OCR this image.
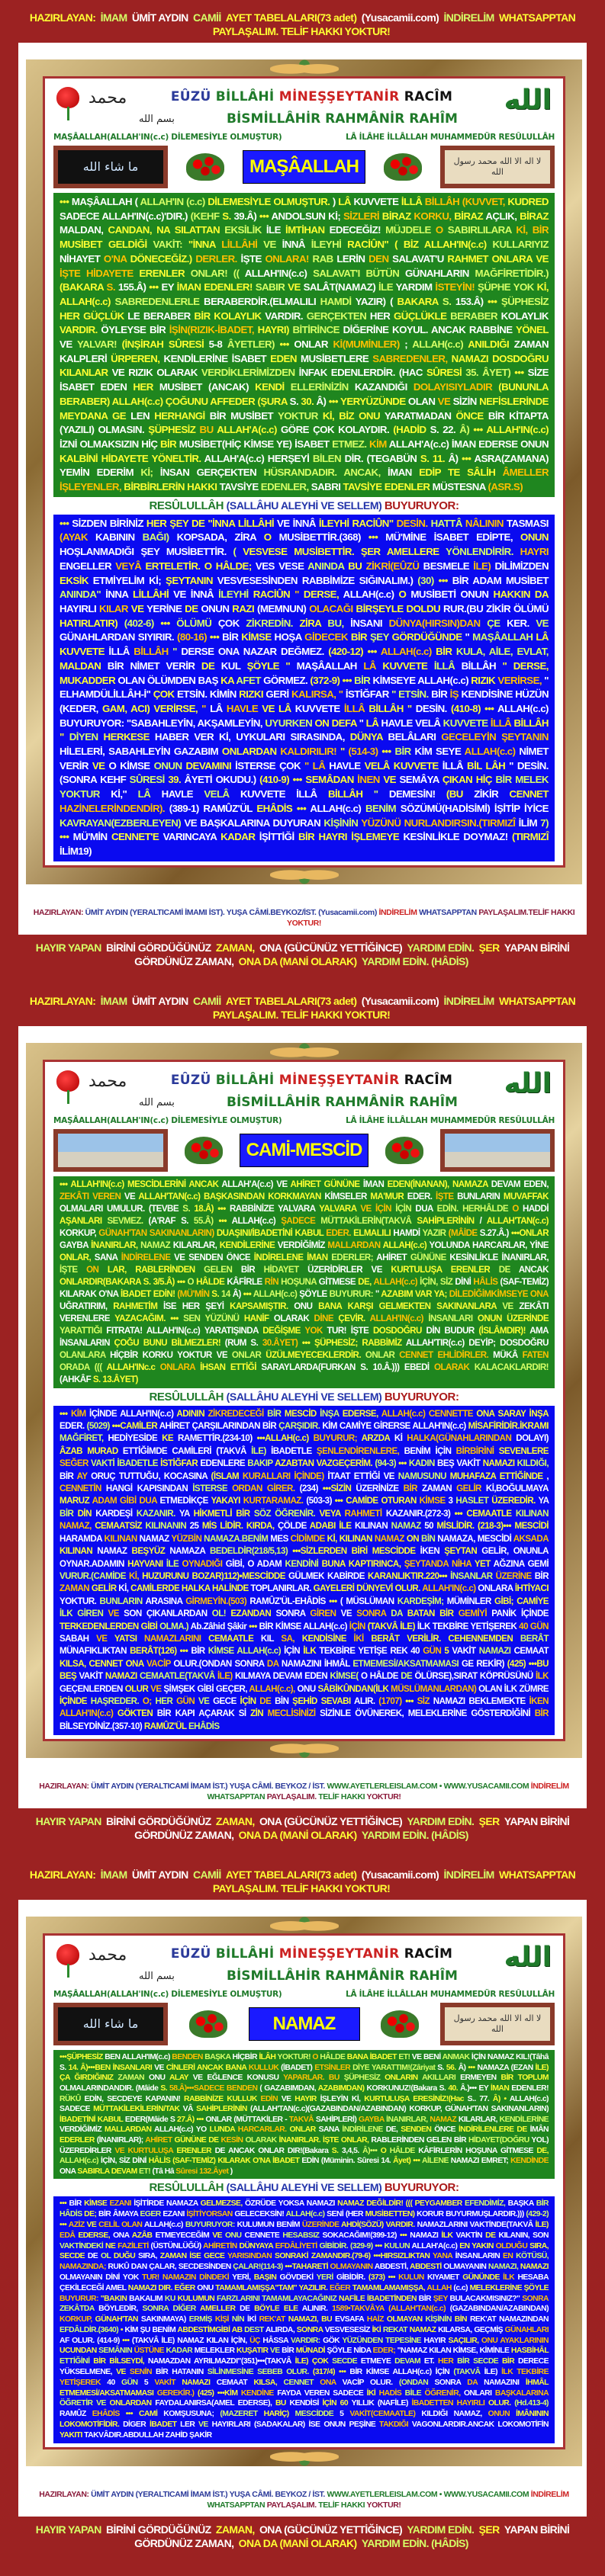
HAZIRLAYAN: İMAM ÜMİT AYDIN CAMİİ AYET TABELALARI(73 adet) (Yusacamii.com) İNDİRELİM WHATSAPPTAN PAYLAŞALIM. TELİF HAKKI YOKTUR!
محمد	EÛZÜ BİLLÂHİ MİNEŞŞEYTANİR RACÎM
بسم الله	BİSMİLLÂHİR RAHMÂNİR RAHÎM
الله
MAŞÂALLAH(ALLAH'IN(c.c) DİLEMESİYLE OLMUŞTUR)	LÂ İLÂHE İLLÂLLAH MUHAMMEDÜR RESÛLULLÂH
ما شاء الله	MAŞÂALLAH	لا اله الا الله محمد رسول الله
••• MAŞÂALLAH ( ALLAH'IN (c.c) DİLEMESİYLE OLMUŞTUR. ) LÂ KUVVETE İLLÂ BİLLÂH (KUVVET, KUDRED SADECE ALLAH'IN(c.c)'DIR.) (KEHF S. 39.Â) ••• ANDOLSUN Kİ; SİZLERİ BİRAZ KORKU, BİRAZ AÇLIK, BİRAZ MALDAN, CANDAN, NA SILATTAN EKSİLİK İLE İMTİHAN EDECEĞİZ! MÜJDELE O SABIRLILARA Kİ, BİR MUSİBET GELDİĞİ VAKİT: "İNNA LİLLÂHİ VE İNNÂ İLEYHİ RACİÛN" ( BİZ ALLAH'IN(c.c) KULLARIYIZ NİHAYET O'NA DÖNECEĞİZ.) DERLER. İŞTE ONLARA! RAB LERİN DEN SALAVAT'U RAHMET ONLARA VE İŞTE HİDAYETE ERENLER ONLAR! (( ALLAH'IN(c.c) SALAVAT'I BÜTÜN GÜNAHLARIN MAĞFİRETİDİR.) (BAKARA S. 155.Â) ••• EY İMAN EDENLER! SABIR VE SALÂT(NAMAZ) İLE YARDIM İSTEYİN! ŞÜPHE YOK Kİ, ALLAH(c.c) SABREDENLERLE BERABERDİR.(ELMALILI HAMDİ YAZIR) ( BAKARA S. 153.Â) ••• ŞÜPHESİZ HER GÜÇLÜK LE BERABER BİR KOLAYLIK VARDIR. GERÇEKTEN HER GÜÇLÜKLE BERABER KOLAYLIK VARDIR. ÖYLEYSE BİR İŞİN(RIZIK-İBADET, HAYRI) BİTİRİNCE DİĞERİNE KOYUL. ANCAK RABBİNE YÖNEL VE YALVAR! (İNŞİRAH SÛRESİ 5-8 ÂYETLER) ••• ONLAR Kİ(MUMİNLER) ; ALLAH(c.c) ANILDIĞI ZAMAN KALPLERİ ÜRPEREN, KENDİLERİNE İSABET EDEN MUSİBETLERE SABREDENLER, NAMAZI DOSDOĞRU KILANLAR VE RIZIK OLARAK VERDİKLERİMİZDEN İNFAK EDENLERDİR. (HAC SÛRESİ 35. ÂYET) ••• SİZE İSABET EDEN HER MUSİBET (ANCAK) KENDİ ELLERİNİZİN KAZANDIĞI DOLAYISIYLADIR (BUNUNLA BERABER) ALLAH(c.c) ÇOĞUNU AFFEDER (ŞURA S. 30. Â) ••• YERYÜZÜNDE OLAN VE SİZİN NEFİSLERİNDE MEYDANA GE LEN HERHANGİ BİR MUSİBET YOKTUR Kİ, BİZ ONU YARATMADAN ÖNCE BİR KİTAPTA (YAZILI) OLMASIN. ŞÜPHESİZ BU ALLAH'A(c.c) GÖRE ÇOK KOLAYDIR. (HADİD S. 22. Â) ••• ALLAH'IN(c.c) İZNİ OLMAKSIZIN HİÇ BİR MUSİBET(HİÇ KİMSE YE) İSABET ETMEZ. KİM ALLAH'A(c.c) İMAN EDERSE ONUN KALBİNİ HİDAYETE YÖNELTİR. ALLAH'A(c.c) HERŞEYİ BİLEN DİR. (TEGABÜN S. 11. Â) ••• ASRA(ZAMANA) YEMİN EDERİM Kİ; İNSAN GERÇEKTEN HÜSRANDADIR. ANCAK, İMAN EDİP TE SÂLİH ÂMELLER İŞLEYENLER, BİRBİRLERİN HAKKI TAVSİYE EDENLER, SABRI TAVSİYE EDENLER MÜSTESNA (ASR.S)
RESÛLULLÂH (SALLÂHU ALEYHİ VE SELLEM) BUYURUYOR:
••• SİZDEN BİRİNİZ HER ŞEY DE "İNNA LİLLÂHİ VE İNNÂ İLEYHİ RACİÛN" DESİN. HATTÂ NÂLININ TASMASI (AYAK KABININ BAĞI) KOPSADA, ZİRA O MUSİBETTİR.(368) ••• MÜ'MİNE İSABET EDİPTE, ONUN HOŞLANMADIĞI ŞEY MUSİBETTİR. ( VESVESE MUSİBETTİR. ŞER AMELLERE YÖNLENDİRİR. HAYRI ENGELLER VEYÂ ERTELETİR. O HÂLDE; VES VESE ANINDA BU ZİKRİ(EÛZÜ BESMELE İLE) DİLİMİZDEN EKSİK ETMİYELİM Kİ; ŞEYTANIN VESVESESİNDEN RABBİMİZE SIĞINALIM.) (30) ••• BİR ADAM MUSİBET ANINDA" İNNA LİLLÂHİ VE İNNÂ İLEYHİ RACİÛN " DERSE, ALLAH(c.c) O MUSİBETİ ONUN HAKKIN DA HAYIRLI KILAR VE YERİNE DE ONUN RAZI (MEMNUN) OLACAĞI BİRŞEYLE DOLDU RUR.(BU ZİKİR ÖLÜMÜ HATIRLATIR) (402-6) ••• ÖLÜMÜ ÇOK ZİKREDİN. ZİRA BU, İNSANI DÜNYA(HIRSIN)DAN ÇE KER. VE GÜNAHLARDAN SIYIRIR. (80-16) ••• BİR KİMSE HOŞA GİDECEK BİR ŞEY GÖRDÜĞÜNDE " MAŞÂALLAH LÂ KUVVETE İLLÂ BİLLÂH " DERSE ONA NAZAR DEĞMEZ. (420-12) ••• ALLAH(c.c) BİR KULA, AİLE, EVLAT, MALDAN BİR NİMET VERİR DE KUL ŞÖYLE " MAŞÂALLAH LÂ KUVVETE İLLÂ BİLLÂH " DERSE, MUKADDER OLAN ÖLÜMDEN BAŞ KA AFET GÖRMEZ. (372-9) ••• BİR KİMSEYE ALLAH(c.c) RIZIK VERİRSE, " ELHAMDÜLİLLÂH-İ" ÇOK ETSİN. KİMİN RIZKI GERİ KALIRSA, " İSTİĞFAR " ETSİN. BİR İŞ KENDİSİNE HÜZÜN (KEDER, GAM, ACI) VERİRSE, " LÂ HAVLE VE LÂ KUVVETE İLLÂ BİLLÂH " DESİN. (410-8) ••• ALLAH(c.c) BUYURUYOR: "SABAHLEYİN, AKŞAMLEYİN, UYURKEN ON DEFA " LÂ HAVLE VELÂ KUVVETE İLLÂ BİLLÂH " DİYEN HERKESE HABER VER Kİ, UYKULARI SIRASINDA, DÜNYA BELÂLARI GECELEYİN ŞEYTANIN HİLELERİ, SABAHLEYİN GAZABIM ONLARDAN KALDIRILIR! " (514-3) ••• BİR KİM SEYE ALLAH(c.c) NİMET VERİR VE O KİMSE ONUN DEVAMINI İSTERSE ÇOK " LÂ HAVLE VELÂ KUVVETE İLLÂ BİL LÂH " DESİN. (SONRA KEHF SÛRESİ 39. ÂYETİ OKUDU.) (410-9) ••• SEMÂDAN İNEN VE SEMÂYA ÇIKAN HİÇ BİR MELEK YOKTUR Kİ," LÂ HAVLE VELÂ KUVVETE İLLÂ BİLLÂH " DEMESİN! (BU ZİKİR CENNET HAZİNELERİNDENDİR). (389-1) RAMÛZ'ÜL EHÂDİS ••• ALLAH(c.c) BENİM SÖZÜMÜ(HADİSİMİ) İŞİTİP İYİCE KAVRAYAN(EZBERLEYEN) VE BAŞKALARINA DUYURAN KİŞİNİN YÜZÜNÜ NURLANDIRSIN.(TIRMIZÎ İLİM 7) ••• MÜ'MİN CENNET'E VARINCAYA KADAR İŞİTTİĞİ BİR HAYRI İŞLEMEYE KESİNLİKLE DOYMAZ! (TIRMIZÎ İLİM19)
HAZIRLAYAN: ÜMİT AYDIN (YERALTICAMİ İMAMI İST). YUŞA CÂMİ.BEYKOZ/İST. (Yusacamii.com) İNDİRELİM WHATSAPPTAN PAYLAŞALIM.TELİF HAKKI YOKTUR!
HAYIR YAPAN BİRİNİ GÖRDÜĞÜNÜZ ZAMAN, ONA (GÜCÜNÜZ YETTİĞİNCE) YARDIM EDİN. ŞER YAPAN BİRİNİ GÖRDÜNÜZ ZAMAN, ONA DA (MANİ OLARAK) YARDIM EDİN. (HÂDİS)
HAZIRLAYAN: İMAM ÜMİT AYDIN CAMİİ AYET TABELALARI(73 adet) (Yusacamii.com) İNDİRELİM WHATSAPPTAN PAYLAŞALIM. TELİF HAKKI YOKTUR!
محمد	EÛZÜ BİLLÂHİ MİNEŞŞEYTANİR RACÎM
بسم الله	BİSMİLLÂHİR RAHMÂNİR RAHÎM
الله
MAŞÂALLAH(ALLAH'IN(c.c) DİLEMESİYLE OLMUŞTUR)	LÂ İLÂHE İLLÂLLAH MUHAMMEDÜR RESÛLULLÂH
CAMİ-MESCİD
••• ALLAH'IN(c.c) MESCİDLERİNİ ANCAK ALLAH'A(c.c) VE AHİRET GÜNÜNE İMAN EDEN(İNANAN), NAMAZA DEVAM EDEN, ZEKÂTI VEREN VE ALLAH'TAN(c.c) BAŞKASINDAN KORKMAYAN KİMSELER MA'MUR EDER. İŞTE BUNLARIN MUVAFFAK OLMALARI UMULUR. (TEVBE S. 18.Â) ••• RABBİNİZE YALVARA YALVARA VE İÇİN İÇİN DUA EDİN. HERHÂLDE O HADDİ AŞANLARI SEVMEZ. (A'RAF S. 55.Â) ••• ALLAH(c.c) ŞADECE MÜTTAKİLERİN(TAKVÂ SAHİPLERİNİN / ALLAH'TAN(c.c) KORKUP, GÜNAH'TAN SAKINANLARIN) DUAŞINI/İBADETİNİ KABUL EDER. ELMALILI HAMDİ YAZIR (MÂİDE S.27.Â.) •••ONLAR GAYBA İNANIRLAR, NAMAZ KILARLAR, KENDİLERİNE VERDİĞİMİZ MALLARDAN ALLAH(c.c) YOLUNDA HARCARLAR, YİNE ONLAR, SANA İNDİRELENE VE SENDEN ÖNCE İNDİRELENE İMAN EDERLER; AHİRET GÜNÜNE KESİNLİKLE İNANIRLAR, İŞTE ON LAR, RABLERİNDEN GELEN BİR HİDAYET ÜZERİDİRLER VE KURTULUŞA ERENLER DE ANCAK ONLARDIR(BAKARA S. 3/5.Â) ••• O HÂLDE KÂFİRLE RİN HOŞUNA GİTMESE DE, ALLAH(c.c) İÇİN, SİZ DİNİ HÂLİS (SAF-TEMİZ) KILARAK O'NA İBADET EDİN! (MÜ'MİN S. 14 Â) ••• ALLAH(c.c) ŞÖYLE BUYURUR: " AZABIM VAR YA; DİLEDİĞİMKİMSEYE ONA UĞRATIRIM, RAHMETİM İSE HER ŞEYİ KAPSAMIŞTIR. ONU BANA KARŞI GELMEKTEN SAKINANLARA VE ZEKÂTI VERENLERE YAZACAĞIM. ••• SEN YÜZÜNÜ HANİF OLARAK DİNE ÇEVİR. ALLAH'IN(c.c) İNSANLARI ONUN ÜZERİNDE YARATTIĞI FITRATA! ALLAH'IN(c.c) YARATIŞINDA DEĞİŞME YOK TUR! İŞTE DOSDOĞRU DİN BUDUR (İSLÂMDIR)! AMA İNSANLARIN ÇOĞU BUNU BİLMEZLER! (RUM S. 30.ÂYET) ••• ŞÜPHESİZ; RABBİMİZ ALLAH'TIR(c.c) DEYİP; DOSDOĞRU OLANLARA HİÇBİR KORKU YOKTUR VE ONLAR ÜZÜLMEYECEKLERDİR. ONLAR CENNET EHLİDİRLER. MÜKÂ FATEN ORADA ((( ALLAH'INc.c ONLARA İHSAN ETTİĞİ SARAYLARDA(FURKAN S. 10.Â.))) EBEDİ OLARAK KALACAKLARDIR! (AHKÂF S. 13.ÂYET)
RESÛLULLÂH (SALLÂHU ALEYHİ VE SELLEM) BUYURUYOR:
••• KİM İÇİNDE ALLAH'IN(c.c) ADININ ZİKREDECEĞİ BİR MESCİD İNŞA EDERSE, ALLAH(c.c) CENNETTE ONA SARAY İNŞA EDER. (5029) •••CAMİLER AHİRET ÇARŞILARINDAN BİR ÇARŞIDIR. KİM CAMİYE GİRERSE ALLAH'IN(c.c) MİSAFİRİDİR.İKRAMI MAĞFİRET, HEDİYESİDE KE RAMETTİR.(234-10) •••ALLAH(c.c) BUYURUR; ARZDA Kİ HALKA(GÜNAHLARINDAN DOLAYI) ÂZAB MURAD ETTİĞİMDE CAMİLERİ (TAKVÂ İLE) İBADETLE ŞENLENDİRENLERE, BENİM İÇİN BİRBİRİNİ SEVENLERE SEĞER VAKTİ İBADETLE İSTİĞFAR EDENLERE BAKIP AZABTAN VAZGEÇERİM. (94-3) ••• KADIN BEŞ VAKİT NAMAZI KILDIĞI, BİR AY ORUÇ TUTTUĞU, KOCASINA (İSLAM KURALLARI İÇİNDE) İTAAT ETTİĞİ VE NAMUSUNU MUHAFAZA ETTİĞİNDE , CENNETİN HANGİ KAPISINDAN İSTERSE ORDAN GİRER. (234) •••SİZİN ÜZERİNİZE BİR ZAMAN GELİR Kİ,BOĞULMAYA MARUZ ADAM GİBİ DUA ETMEDİKÇE YAKAYI KURTARAMAZ. (503-3) ••• CAMİDE OTURAN KİMSE 3 HASLET ÜZEREDİR. YA BİR DİN KARDEŞİ KAZANIR. YA HİKMETLİ BİR SÖZ ÖĞRENİR. VEYA RAHMETİ KAZANIR.(272-3) ••• CEMAATLE KILINAN NAMAZ, CEMAATSİZ KILINANIN 25 MİS LİDİR. KIRDA, ÇÖLDE ADABI İLE KILINAN NAMAZ 50 MİSLİDİR. (218-3)••• MESCİDİ HARAMDA KILINAN NAMAZ YÜZBİN NAMAZA.BENİM MES CİDİMDE Kİ, KILINAN NAMAZ ON BİN NAMAZA, MESCİDİ AKSADA KILINAN NAMAZ BEŞYÜZ NAMAZA BEDELDİR(218/5,13) •••SİZLERDEN BİRİ MESCİDDE İKEN ŞEYTAN GELİR, ONUNLA OYNAR.ADAMIN HAYVANI İLE OYNADIĞI GİBİ, O ADAM KENDİNİ BUNA KAPTIRINCA, ŞEYTANDA NİHA YET AĞZINA GEMİ VURUR.(CAMİDE Kİ, HUZURUNU BOZAR)112)•MESCİDDE GÜLMEK KABİRDE KARANLIKTIR.220••• İNSANLAR ÜZERİNE BİR ZAMAN GELİR Kİ, CAMİLERDE HALKA HALİNDE TOPLANIRLAR. GAYELERİ DÜNYEVİ OLUR. ALLAH'IN(c.c) ONLARA İHTİYACI YOKTUR. BUNLARIN ARASINA GİRMEYİN.(503) RAMÛZ'ÜL-EHÂDİS ••• ( MÜSLÜMAN KARDEŞİM; MÜMİNLER GİBİ; CAMİYE İLK GİREN VE SON ÇIKANLARDAN OL! EZANDAN SONRA GİREN VE SONRA DA BATAN BİR GEMİYİ PANİK İÇİNDE TERKEDENLERDEN GİBİ OLMA.) Ab.Zâhid Şâkir ••• BİR KİMSE ALLAH(c.c) İÇİN (TAKVÂ İLE) İLK TEKBİRE YETİŞEREK 40 GÜN SABAH VE YATSI NAMAZLARINI CEMAATLE KIL SA, KENDİSİNE İKİ BERÂT VERİLİR. CEHENNEMDEN BERÂT MÜNAFIKLIKTAN BERÂT(126) ••• BİR KİMSE ALLAH(c.c) İÇİN İLK TEKBİRE YETİŞE REK 40 GÜN 5 VAKİT NAMAZI CEMAAT KILSA, CENNET ONA VACİP OLUR.(ONDAN SONRA DA NAMAZINI İHMÂL ETMEMESİ/AKSATMAMASI GE REKİR) (425) •••BU BEŞ VAKİT NAMAZI CEMAATLE(TAKVÂ İLE) KILMAYA DEVAM EDEN KİMSE( O HÂLDE DE ÖLÜRSE),SIRAT KÖPRÜSÜNÜ İLK GEÇENLERDEN OLUR VE ŞİMŞEK GİBİ GEÇER, ALLAH(c.c), ONU SÂBİKÛNDAN(İLK MÜSLÜMANLARDAN) OLAN İLK ZÜMRE İÇİNDE HAŞREDER. O; HER GÜN VE GECE İÇİN DE BİN ŞEHİD SEVABI ALIR. (1707) ••• SİZ NAMAZI BEKLEMEKTE İKEN ALLAH'IN(c.c) GÖKTEN BİR KAPI AÇARAK Sİ ZİN MECLİSİNİZİ SİZİNLE ÖVÜNEREK, MELEKLERİNE GÖSTERDİĞİNİ BİR BİLSEYDİNİZ.(357-10) RAMÛZ'ÜL EHÂDİS
HAZIRLAYAN: ÜMİT AYDIN (YERALTICAMİ İMAM İST.) YUŞA CÂMİ. BEYKOZ / İST. WWW.AYETLERLEISLAM.COM • WWW.YUSACAMII.COM İNDİRELİM WHATSAPPTAN PAYLAŞALIM. TELİF HAKKI YOKTUR!
HAYIR YAPAN BİRİNİ GÖRDÜĞÜNÜZ ZAMAN, ONA (GÜCÜNÜZ YETTİĞİNCE) YARDIM EDİN. ŞER YAPAN BİRİNİ GÖRDÜNÜZ ZAMAN, ONA DA (MANİ OLARAK) YARDIM EDİN. (HÂDİS)
HAZIRLAYAN: İMAM ÜMİT AYDIN CAMİİ AYET TABELALARI(73 adet) (Yusacamii.com) İNDİRELİM WHATSAPPTAN PAYLAŞALIM. TELİF HAKKI YOKTUR!
محمد	EÛZÜ BİLLÂHİ MİNEŞŞEYTANİR RACÎM
بسم الله	BİSMİLLÂHİR RAHMÂNİR RAHÎM
الله
MAŞÂALLAH(ALLAH'IN(c.c) DİLEMESİYLE OLMUŞTUR)	LÂ İLÂHE İLLÂLLAH MUHAMMEDÜR RESÛLULLÂH
ما شاء الله	NAMAZ	لا اله الا الله محمد رسول الله
•••ŞÜPHESİZ BEN ALLAH'IM(c.c) BENDEN BAŞKA HİÇBİR İLÂH YOKTUR! O HÂLDE BANA İBADET ET! VE BENİ ANMAK İÇİN NAMAZ KIL!(Tâhâ S. 14. Â)•••BEN İNSANLARI VE CİNLERİ ANCAK BANA KULLUK (İBADET) ETSİNLER DİYE YARATTIM!(Zâriyat S. 56. Â) ••• NAMAZA (EZAN İLE) ÇA ĞIRDIĞINIZ ZAMAN ONU ALAY VE EĞLENCE KONUSU YAPARLAR. BU ŞÜPHESİZ ONLARIN AKILLARI ERMEYEN BİR TOPLUM OLMALARINDANDIR. (Mâide S. 58.Â)•••SADECE BENDEN ( GAZABIMDAN, AZABIMDAN) KORKUNUZ!(Bakara S. 40. Â.)••• EY İMAN EDENLER! RÜKÛ EDİN, SECDEYE KAPANIN! RABBİNİZE KULLUK EDİN VE HAYIR İŞLEYİN Kİ, KURTULUŞA ERESİNİZ!(Hac S.. 77. Â) • ALLAH(c.c) SADECE MÜTTAKİLEKİLERİN/TAK VÂ SAHİPLERİNİN (ALLAH'TAN(c.c)(GAZABINDAN/AZABINDAN) KORKUP, GÜNAH'TAN SAKINANLARIN) İBADETİNİ KABUL EDER(Mâide S 27.Â) ••• ONLAR (MÜTTAKİLER - TAKVÂ SAHİPLERİ) GAYBA İNANIRLAR, NAMAZ KILARLAR, KENDİLERİNE VERDİĞİMİZ MALLARDAN ALLAH(c.c) YO LUNDA HARCARLAR. ONLAR SANA İNDİRİLENE DE, SENDEN ÖNCE İNDİRİLENLERE DE İMÂN EDERLER (İNANIRLAR); AHİRET GÜNÜNE DE KESİN OLARAK İNANIRLAR. İŞTE ONLAR, RABLERİNDEN GELEN BİR HİDAYET(DOĞRU YOL) ÜZEREDİRLER VE KURTULUŞA ERENLER DE ANCAK ONLAR DIR!(Bakara S. 3,4,5. Â)••• O HÂLDE KÂFİRLERİN HOŞUNA GİTMESE DE, ALLAH(c.c) İÇİN, SİZ DİNİ HÂLİS (SAF-TEMİZ) KILARAK O'NA İBADET EDİN (Müminin. Sûresi 14. Âyet) ••• AİLENE NAMAZI EMRET; KENDİNDE ONA SABIRLA DEVAM ET! (Tâ Hâ Sûresi 132.Âyet )
RESÛLULLÂH (SALLÂHU ALEYHİ VE SELLEM) BUYURUYOR:
••• BİR KİMSE EZANI İŞİTİRDE NAMAZA GELMEZSE, ÖZRÜDE YOKSA NAMAZI NAMAZ DEĞİLDİR! ((( PEYGAMBER EFENDİMİZ, BAŞKA BİR HÂDİS DE; BİR ÂMAYA EGER EZANI İŞİTİYORSAN GELECEKSİN! ALLAH(c.c) SENİ (HER MUSİBETTEN) KORUR BUYURMUŞLARDIR.))) (429-2) ••• AZİZ VE CELİL OLAN ALLAH(c.c) BUYURUYOR: KULUMUN BENİM ÜZERİNDE AHDİ(SÖZÜ) VARDIR. NAMAZLARINI VAKTİNDE(TAKVÂ İLE) EDÂ EDERSE, ONA AZÂB ETMEYECEĞİM VE ONU CENNETE HESABSIZ SOKACAĞIM!(399-12) ••• NAMAZI İLK VAKTİN DE KILANIN, SON VAKTİNDEKİ NE FAZİLETİ (ÜSTÜNLÜĞÜ) AHİRETİN DÜNYAYA EFDÂLİYETİ GİBİDİR. (329-9) ••• KULUN ALLAH'A(c.c) EN YAKIN OLDUĞU SIRA, SECDE DE OL DUĞU SIRA, ZAMAN İSE GECE YARISINDAN SONRAKİ ZAMANDIR.(79-6) •••HIRSIZLIKTAN YANA İNSANLARIN EN KÖTÜSÜ, NAMAZINDA; RUKÛ DAN ÇALAR, SECDESİNDEN ÇALAR!(114-3) •••TAHARETİ OLMAYANIN ABDESTİ, ABDESTİ OLMAYANIN NAMAZI, NAMAZI OLMAYANIN DİNİ YOK TUR! NAMAZIN DİNDEKİ YERİ, BAŞIN GÖVDEKİ YERİ GİBİDİR. (373) ••• KULUN KIYAMET GÜNÜNDE İLK HESABA ÇEKİLECEĞİ AMEL NAMAZI DIR. EĞER ONU TAMAMLAMIŞŞA"TAM" YAZILIR. EĞER TAMAMLAMAMIŞŞA, ALLAH (c.c) MELEKLERİNE ŞÖYLE BUYURUR: "BAKIN BAKALIM KU KULUMUN FARZLARINI TAMAMLAYACAĞINIZ NAFİLE İBADETİNDEN BİR ŞEY BULACAKMISINIZ?" SONRA ZEKÂTDA BÖYLEDİR, SONRA DİĞER AMELLER DE BÖYLE ELE ALINIR. 1589•TAKVÂYA (ALLAH'TAN(c.c) (GAZABINDAN/AZABINDAN) KORKUP, GÜNAH'TAN SAKINMAYA) ERMİŞ KİŞİ NİN İKİ REK'AT NAMAZI, BU EVSAFA HAİZ OLMAYAN KİŞİNİN BİN REK'AT NAMAZINDAN EFDÂLDİR.(3640) • KİM ŞU BENİM ABDESTİMGİBİ AB DEST ALIRDA, SONRA VESVESESİZ İKİ REKAT NAMAZ KILARSA, GEÇMİŞ GÜNAHLARI AF OLUR. (414-9) ••• (TAKVÂ İLE) NAMAZ KILAN İÇİN, ÜÇ HÂSSA VARDIR: GÖK YÜZÜNDEN TEPESİNE HAYIR SAÇILIR, ONU AYAKLARININ UCUNDAN SEMÂNIN ÜSTÜNE KADAR MELEKLER KUŞATIR VE BİR MÜNADİ ŞÖYLE NİDA EDER; "NAMAZ KILAN KİMSE, KİMİNLE HASBİHÂL ETTİĞİNİ BİR BİLSEYDİ, NAMAZDAN AYRILMAZDI"(351)•••(TAKVÂ İLE) ÇOK SECDE ETMEYE DEVAM ET. HER BİR SECDE BİR DERECE YÜKSELMENE, VE SENİN BİR HATANIN SİLİNMESİNE SEBEB OLUR. (317/4) ••• BİR KİMSE ALLAH(c.c) İÇİN (TAKVÂ İLE) İLK TEKBİRE YETİŞEREK 40 GÜN 5 VAKİT NAMAZI CEMAAT KILSA, CENNET ONA VACİP OLUR. (ONDAN SONRA DA NAMAZINI İHMÂL ETMEMESİ/AKSATMAMASI GEREKİR.) (425) •••KİM KENDİNE FAYDA VEREN SADECE İKİ HADİS BİLE ÖĞRENİR, ONLARI BAŞKALARINA ÖĞRETİR VE ONLARDAN FAYDALANIRSA(AMEL EDERSE), BU KENDİSİ İÇİN 60 YILLIK (NAFİLE) İBADETTEN HAYIRLI OLUR. (Hd.413-4) RAMÛZ EHÂDİS ••• CAMİ KOMŞUSUNA; (MAZERET HARİÇ) MESCİDDE 5 VAKİT(CEMAATLE) KILDIĞI NAMAZ, ONUN İMÂNININ LOKOMOTİFİDİR. DİGER İBADET LER VE HAYIRLARI (SADAKALAR) İSE ONUN PEŞİNE TAKDIĞI VAGONLARDIR.ANCAK LOKOMOTİFİN YAKITI TAKVÂDIR.ABDULLAH ZAHİD ŞAKİR
HAZIRLAYAN: ÜMİT AYDIN (YERALTICAMİ İMAM İST.) YUŞA CÂMİ. BEYKOZ / İST. WWW.AYETLERLEISLAM.COM • WWW.YUSACAMII.COM İNDİRELİM WHATSAPPTAN PAYLAŞALIM. TELİF HAKKI YOKTUR!
HAYIR YAPAN BİRİNİ GÖRDÜĞÜNÜZ ZAMAN, ONA (GÜCÜNÜZ YETTİĞİNCE) YARDIM EDİN. ŞER YAPAN BİRİNİ GÖRDÜNÜZ ZAMAN, ONA DA (MANİ OLARAK) YARDIM EDİN. (HÂDİS)
